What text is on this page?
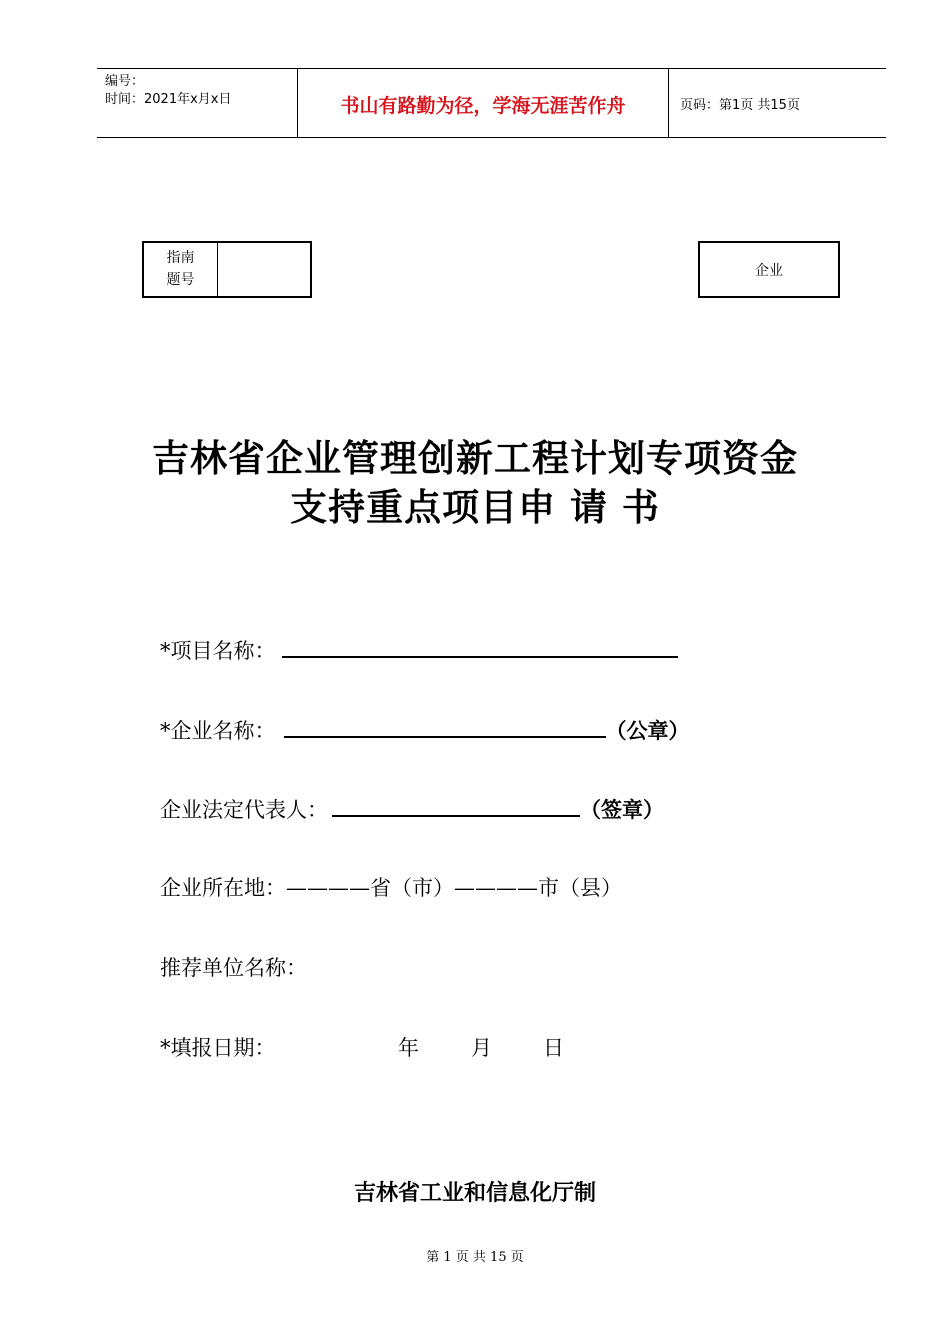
编号：
时间：2021年x月x日	书山有路勤为径，学海无涯苦作舟	页码：第1页 共15页
指南
题号
企业
吉林省企业管理创新工程计划专项资金
支持重点项目申 请 书
*项目名称：
*企业名称：	（公章）
企业法定代表人：	（签章）
企业所在地：————省（市）————市（县）
推荐单位名称：
*填报日期：	年 月 日
吉林省工业和信息化厅制
第 1 页 共 15 页
